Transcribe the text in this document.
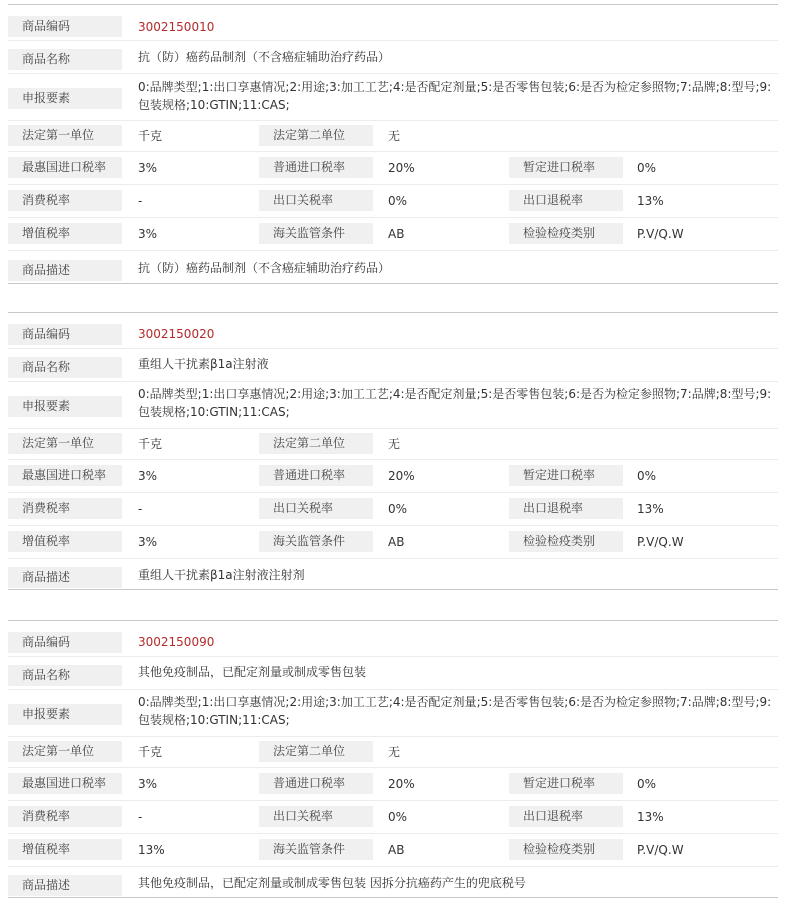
商品编码	3002150010
商品名称	抗（防）癌药品制剂（不含癌症辅助治疗药品）
申报要素
0:品牌类型;1:出口享惠情况;2:用途;3:加工工艺;4:是否配定剂量;5:是否零售包装;6:是否为检定参照物;7:品牌;8:型号;9:包装规格;10:GTIN;11:CAS;
法定第一单位	千克	法定第二单位	无
最惠国进口税率	3%	普通进口税率	20%	暂定进口税率	0%
消费税率	-	出口关税率	0%	出口退税率	13%
增值税率	3%	海关监管条件	AB	检验检疫类别	P.V/Q.W
商品描述	抗（防）癌药品制剂（不含癌症辅助治疗药品）
商品编码	3002150020
商品名称	重组人干扰素β1a注射液
申报要素
0:品牌类型;1:出口享惠情况;2:用途;3:加工工艺;4:是否配定剂量;5:是否零售包装;6:是否为检定参照物;7:品牌;8:型号;9:包装规格;10:GTIN;11:CAS;
法定第一单位	千克	法定第二单位	无
最惠国进口税率	3%	普通进口税率	20%	暂定进口税率	0%
消费税率	-	出口关税率	0%	出口退税率	13%
增值税率	3%	海关监管条件	AB	检验检疫类别	P.V/Q.W
商品描述	重组人干扰素β1a注射液注射剂
商品编码	3002150090
商品名称	其他免疫制品，已配定剂量或制成零售包装
申报要素
0:品牌类型;1:出口享惠情况;2:用途;3:加工工艺;4:是否配定剂量;5:是否零售包装;6:是否为检定参照物;7:品牌;8:型号;9:包装规格;10:GTIN;11:CAS;
法定第一单位	千克	法定第二单位	无
最惠国进口税率	3%	普通进口税率	20%	暂定进口税率	0%
消费税率	-	出口关税率	0%	出口退税率	13%
增值税率	13%	海关监管条件	AB	检验检疫类别	P.V/Q.W
商品描述	其他免疫制品，已配定剂量或制成零售包装 因拆分抗癌药产生的兜底税号
